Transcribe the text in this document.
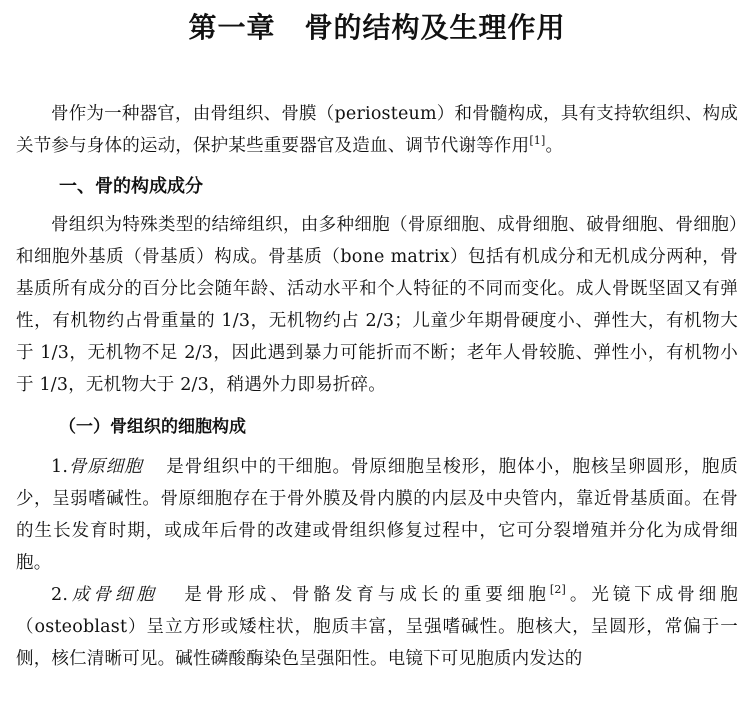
第一章　骨的结构及生理作用

骨作为一种器官，由骨组织、骨膜（periosteum）和骨髓构成，具有支持软组织、构成关节参与身体的运动，保护某些重要器官及造血、调节代谢等作用[1]。

一、骨的构成成分

骨组织为特殊类型的结缔组织，由多种细胞（骨原细胞、成骨细胞、破骨细胞、骨细胞）和细胞外基质（骨基质）构成。骨基质（bone matrix）包括有机成分和无机成分两种，骨基质所有成分的百分比会随年龄、活动水平和个人特征的不同而变化。成人骨既坚固又有弹性，有机物约占骨重量的 1/3，无机物约占 2/3；儿童少年期骨硬度小、弹性大，有机物大于 1/3，无机物不足 2/3，因此遇到暴力可能折而不断；老年人骨较脆、弹性小，有机物小于 1/3，无机物大于 2/3，稍遇外力即易折碎。

（一）骨组织的细胞构成

1.骨原细胞 是骨组织中的干细胞。骨原细胞呈梭形，胞体小，胞核呈卵圆形，胞质少，呈弱嗜碱性。骨原细胞存在于骨外膜及骨内膜的内层及中央管内，靠近骨基质面。在骨的生长发育时期，或成年后骨的改建或骨组织修复过程中，它可分裂增殖并分化为成骨细胞。

2.成骨细胞 是骨形成、骨骼发育与成长的重要细胞[2]。光镜下成骨细胞（osteoblast）呈立方形或矮柱状，胞质丰富，呈强嗜碱性。胞核大，呈圆形，常偏于一侧，核仁清晰可见。碱性磷酸酶染色呈强阳性。电镜下可见胞质内发达的
